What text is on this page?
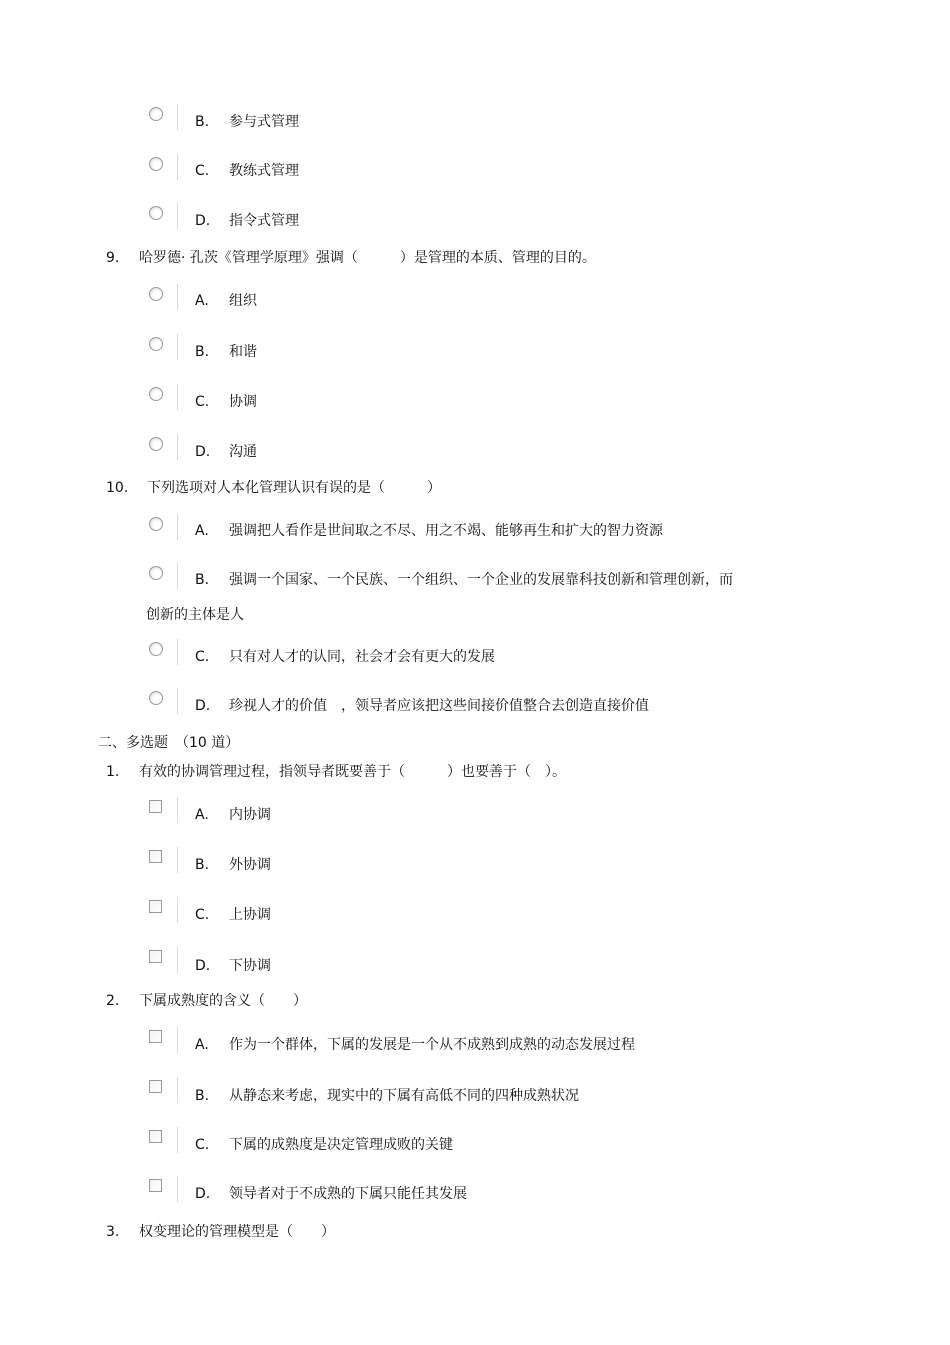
B. 参与式管理
C. 教练式管理
D. 指令式管理
9. 哈罗德· 孔茨《管理学原理》强调（　　　）是管理的本质、管理的目的。
A. 组织
B. 和谐
C. 协调
D. 沟通
10. 下列选项对人本化管理认识有误的是（　　　）
A. 强调把人看作是世间取之不尽、用之不竭、能够再生和扩大的智力资源
B. 强调一个国家、一个民族、一个组织、一个企业的发展靠科技创新和管理创新，而
创新的主体是人
C. 只有对人才的认同，社会才会有更大的发展
D. 珍视人才的价值　，领导者应该把这些间接价值整合去创造直接价值
二、多选题　（10 道）
1. 有效的协调管理过程，指领导者既要善于（　　　）也要善于（　）。
A. 内协调
B. 外协调
C. 上协调
D. 下协调
2. 下属成熟度的含义（　　）
A. 作为一个群体，下属的发展是一个从不成熟到成熟的动态发展过程
B. 从静态来考虑，现实中的下属有高低不同的四种成熟状况
C. 下属的成熟度是决定管理成败的关键
D. 领导者对于不成熟的下属只能任其发展
3. 权变理论的管理模型是（　　）
